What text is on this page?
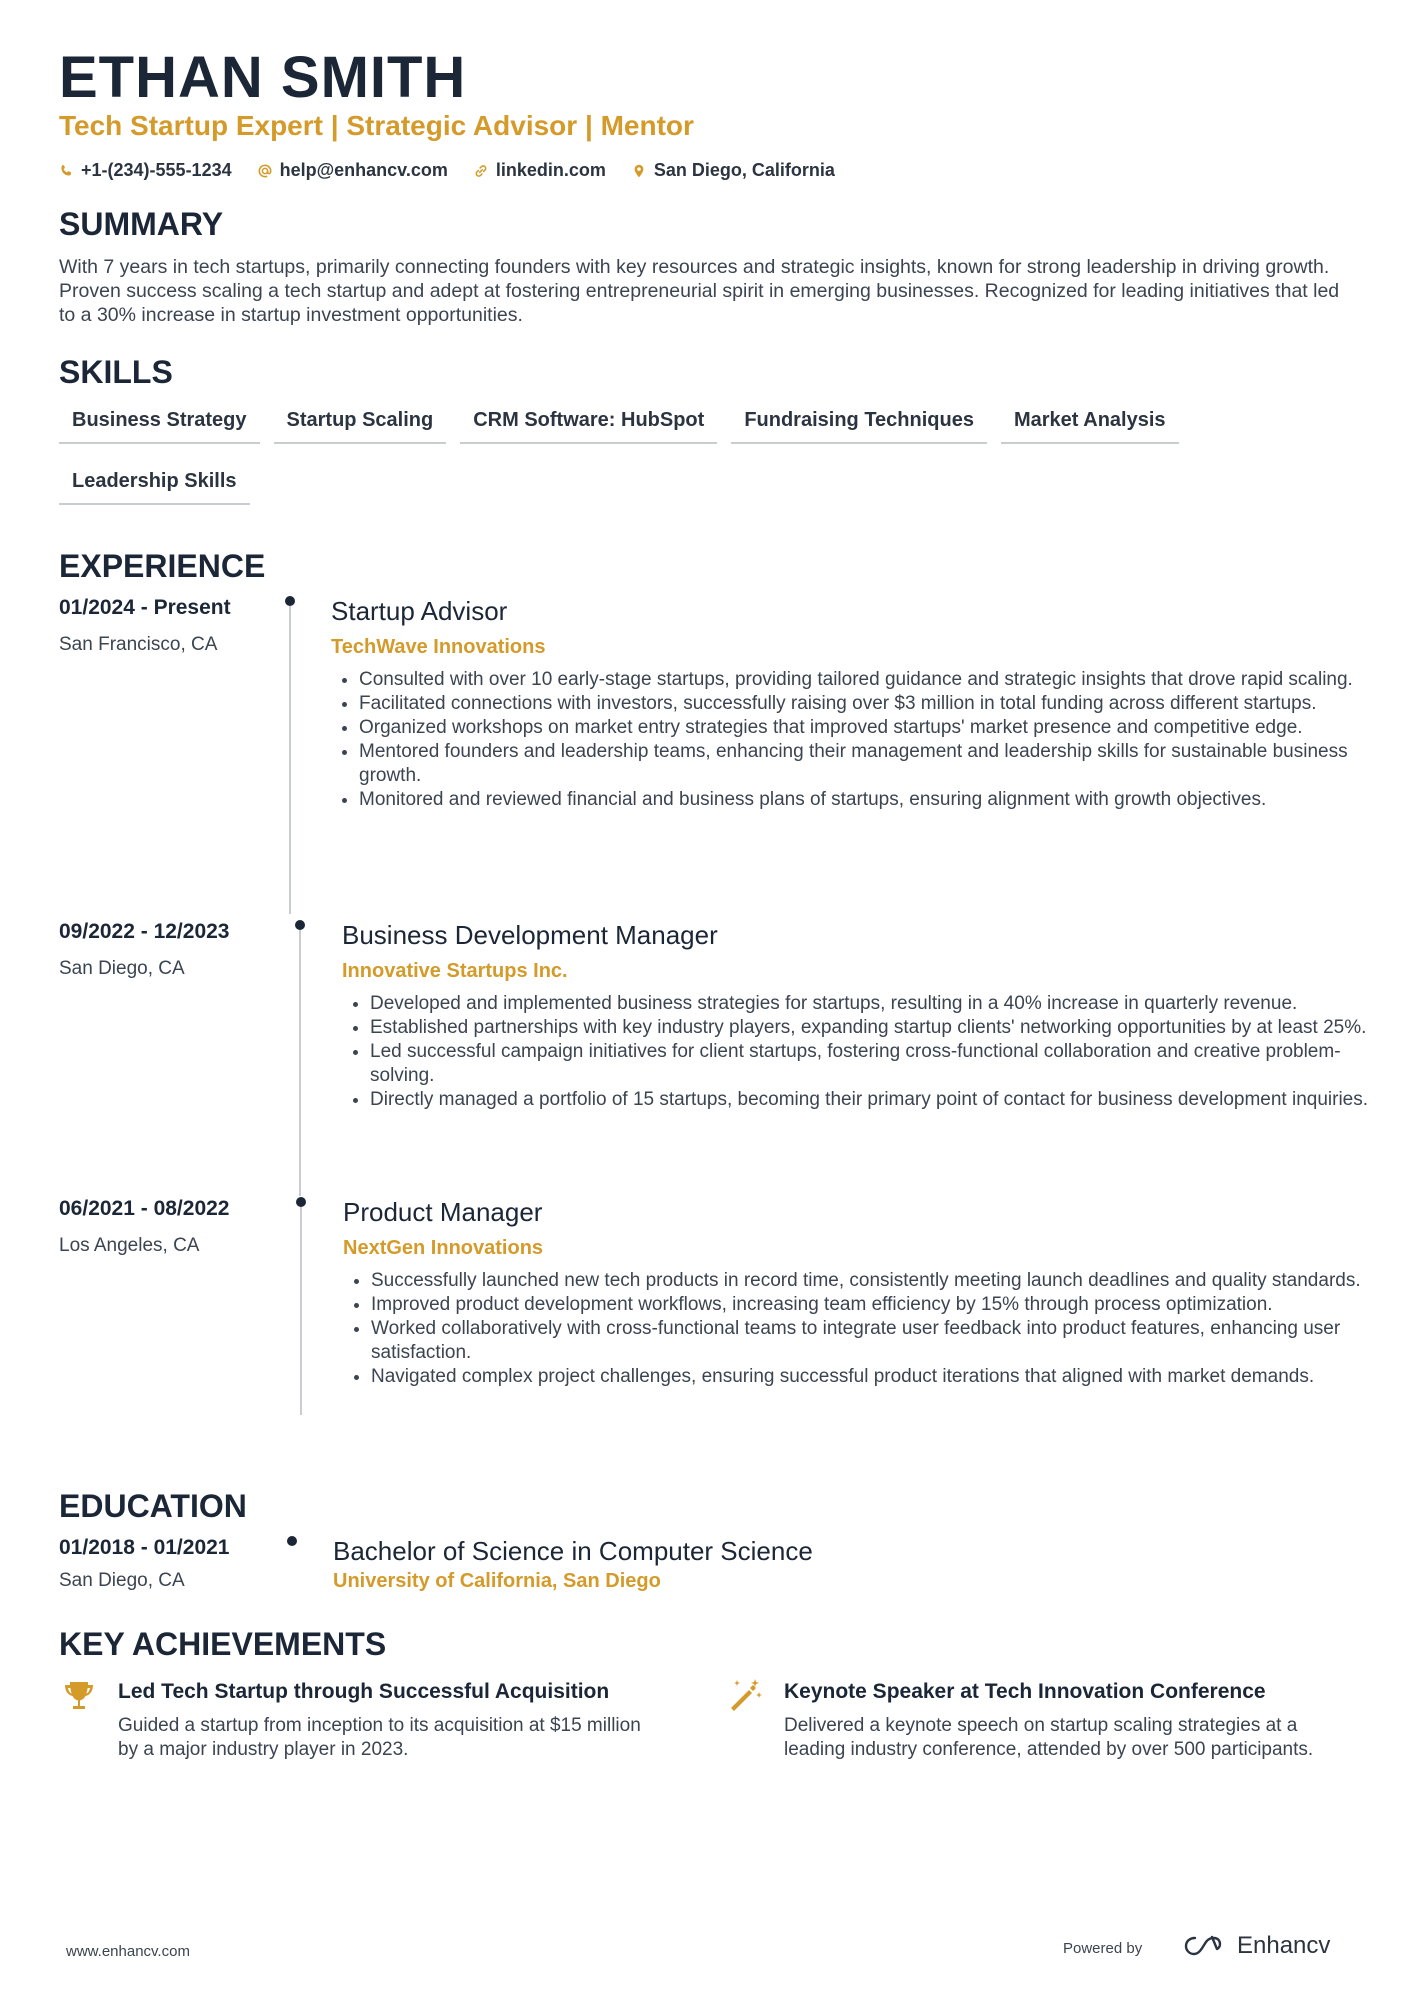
ETHAN SMITH
Tech Startup Expert | Strategic Advisor | Mentor
+1-(234)-555-1234	help@enhancv.com	linkedin.com	San Diego, California
SUMMARY

With 7 years in tech startups, primarily connecting founders with key resources and strategic insights, known for strong leadership in driving growth. Proven success scaling a tech startup and adept at fostering entrepreneurial spirit in emerging businesses. Recognized for leading initiatives that led to a 30% increase in startup investment opportunities.

SKILLS
Business Strategy	Startup Scaling	CRM Software: HubSpot	Fundraising Techniques	Market Analysis
Leadership Skills
EXPERIENCE
01/2024 - Present
San Francisco, CA
Startup Advisor
TechWave Innovations
• Consulted with over 10 early-stage startups, providing tailored guidance and strategic insights that drove rapid scaling.
• Facilitated connections with investors, successfully raising over $3 million in total funding across different startups.
• Organized workshops on market entry strategies that improved startups' market presence and competitive edge.
• Mentored founders and leadership teams, enhancing their management and leadership skills for sustainable business growth.
• Monitored and reviewed financial and business plans of startups, ensuring alignment with growth objectives.
09/2022 - 12/2023
San Diego, CA
Business Development Manager
Innovative Startups Inc.
• Developed and implemented business strategies for startups, resulting in a 40% increase in quarterly revenue.
• Established partnerships with key industry players, expanding startup clients' networking opportunities by at least 25%.
• Led successful campaign initiatives for client startups, fostering cross-functional collaboration and creative problem-solving.
• Directly managed a portfolio of 15 startups, becoming their primary point of contact for business development inquiries.
06/2021 - 08/2022
Los Angeles, CA
Product Manager
NextGen Innovations
• Successfully launched new tech products in record time, consistently meeting launch deadlines and quality standards.
• Improved product development workflows, increasing team efficiency by 15% through process optimization.
• Worked collaboratively with cross-functional teams to integrate user feedback into product features, enhancing user satisfaction.
• Navigated complex project challenges, ensuring successful product iterations that aligned with market demands.
EDUCATION
01/2018 - 01/2021
San Diego, CA
Bachelor of Science in Computer Science
University of California, San Diego
KEY ACHIEVEMENTS
Led Tech Startup through Successful Acquisition

Guided a startup from inception to its acquisition at $15 million by a major industry player in 2023.

Keynote Speaker at Tech Innovation Conference

Delivered a keynote speech on startup scaling strategies at a leading industry conference, attended by over 500 participants.

www.enhancv.com	Powered by	Enhancv
